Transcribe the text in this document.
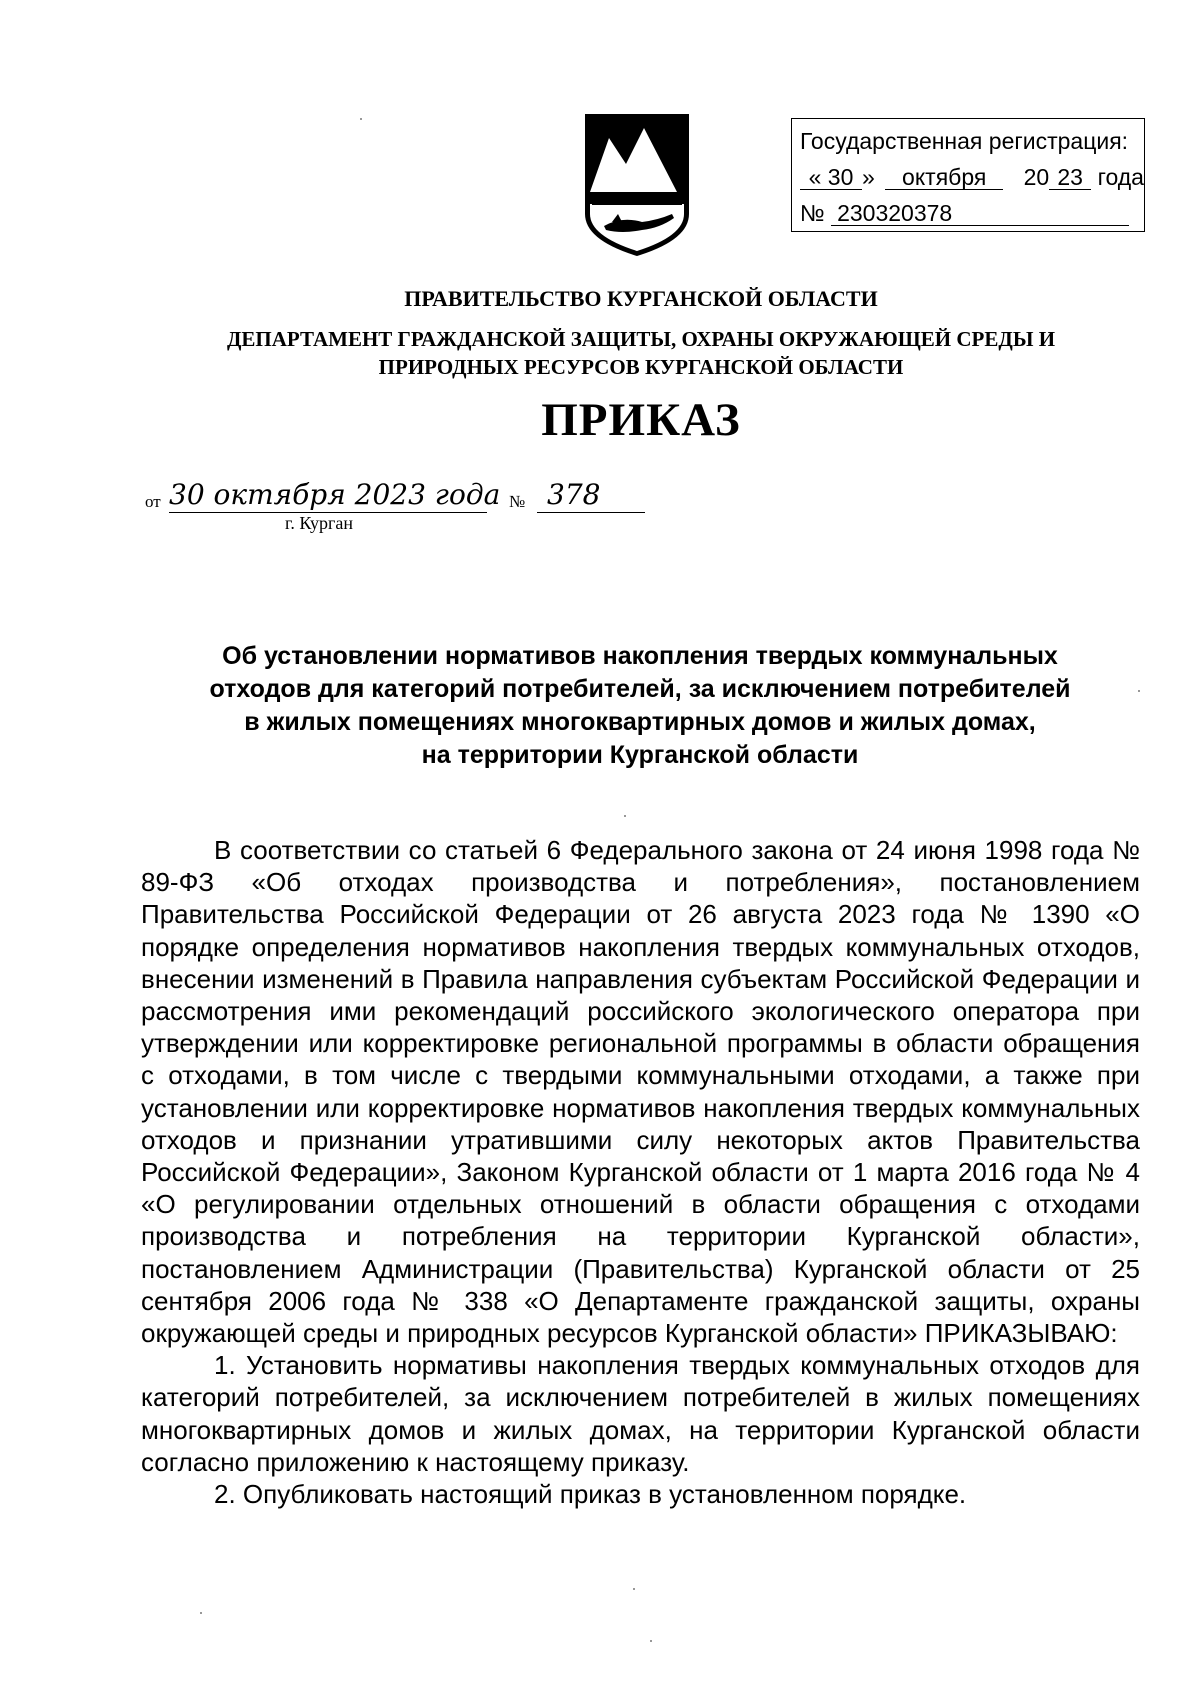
Государственная регистрация:
« 30 » октября 20 23 года
№ 230320378
ПРАВИТЕЛЬСТВО КУРГАНСКОЙ ОБЛАСТИ
ДЕПАРТАМЕНТ ГРАЖДАНСКОЙ ЗАЩИТЫ, ОХРАНЫ ОКРУЖАЮЩЕЙ СРЕДЫ И
ПРИРОДНЫХ РЕСУРСОВ КУРГАНСКОЙ ОБЛАСТИ
ПРИКАЗ
от 30 октября 2023 года № 378
г. Курган
Об установлении нормативов накопления твердых коммунальных
отходов для категорий потребителей, за исключением потребителей
в жилых помещениях многоквартирных домов и жилых домах,
на территории Курганской области

В соответствии со статьей 6 Федерального закона от 24 июня 1998 года № 89-ФЗ «Об отходах производства и потребления», постановлением Правительства Российской Федерации от 26 августа 2023 года № 1390 «О порядке определения нормативов накопления твердых коммунальных отходов, внесении изменений в Правила направления субъектам Российской Федерации и рассмотрения ими рекомендаций российского экологического оператора при утверждении или корректировке региональной программы в области обращения с отходами, в том числе с твердыми коммунальными отходами, а также при установлении или корректировке нормативов накопления твердых коммунальных отходов и признании утратившими силу некоторых актов Правительства Российской Федерации», Законом Курганской области от 1 марта 2016 года № 4 «О регулировании отдельных отношений в области обращения с отходами производства и потребления на территории Курганской области», постановлением Администрации (Правительства) Курганской области от 25 сентября 2006 года № 338 «О Департаменте гражданской защиты, охраны окружающей среды и природных ресурсов Курганской области» ПРИКАЗЫВАЮ:

1. Установить нормативы накопления твердых коммунальных отходов для категорий потребителей, за исключением потребителей в жилых помещениях многоквартирных домов и жилых домах, на территории Курганской области согласно приложению к настоящему приказу.

2. Опубликовать настоящий приказ в установленном порядке.
